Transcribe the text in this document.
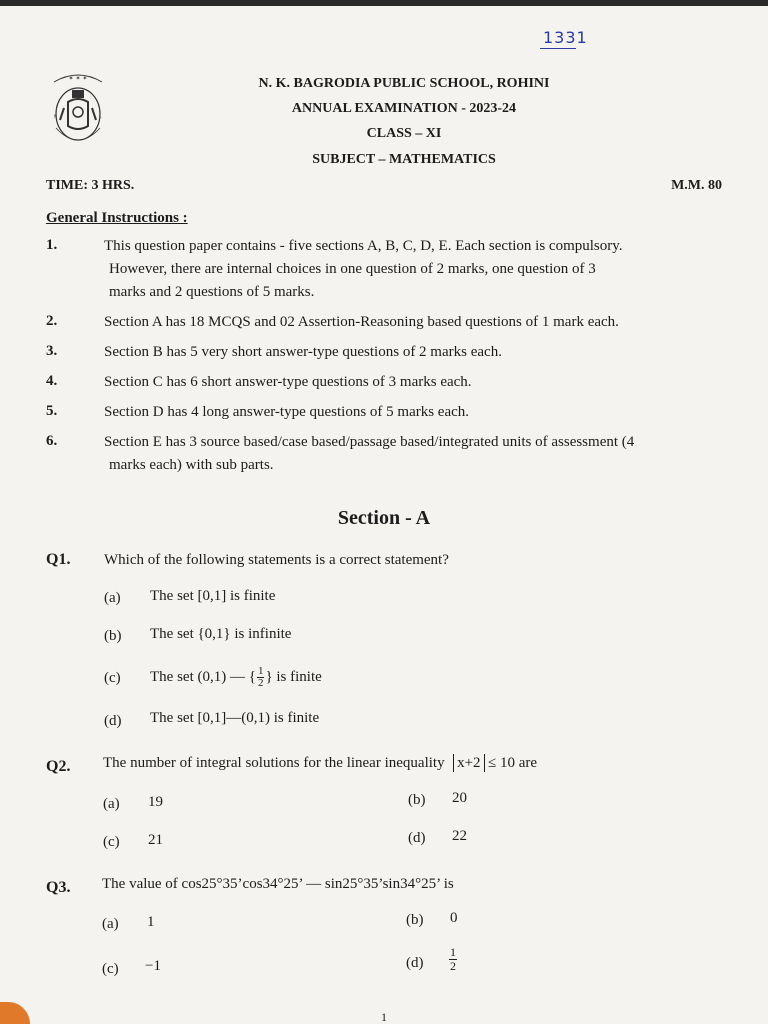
1331
✶ ✶ ✶
N	L
N. K. BAGRODIA PUBLIC SCHOOL, ROHINI
ANNUAL EXAMINATION - 2023-24
CLASS – XI
SUBJECT – MATHEMATICS
TIME: 3 HRS.	M.M. 80
General Instructions :
1.	This question paper contains - five sections A, B, C, D, E. Each section is compulsory.
However, there are internal choices in one question of 2 marks, one question of 3
marks and 2 questions of 5 marks.
2.	Section A has 18 MCQS and 02 Assertion-Reasoning based questions of 1 mark each.
3.	Section B has 5 very short answer-type questions of 2 marks each.
4.	Section C has 6 short answer-type questions of 3 marks each.
5.	Section D has 4 long answer-type questions of 5 marks each.
6.	Section E has 3 source based/case based/passage based/integrated units of assessment (4
marks each) with sub parts.
Section - A
Q1. Which of the following statements is a correct statement?
(a) The set [0,1] is finite
(b) The set {0,1} is infinite
(c) The set (0,1) — { $\frac{1}{2}$ } is finite
(d) The set [0,1]—(0,1) is finite
Q2. The number of integral solutions for the linear inequality x+2 ≤ 10 are
(a) 19	(b) 20
(c) 21	(d) 22
Q3. The value of cos25°35’cos34°25’ — sin25°35’sin34°25’ is
(a) 1	(b) 0
(c) −1	$(d) \frac{1}{2}$
1
